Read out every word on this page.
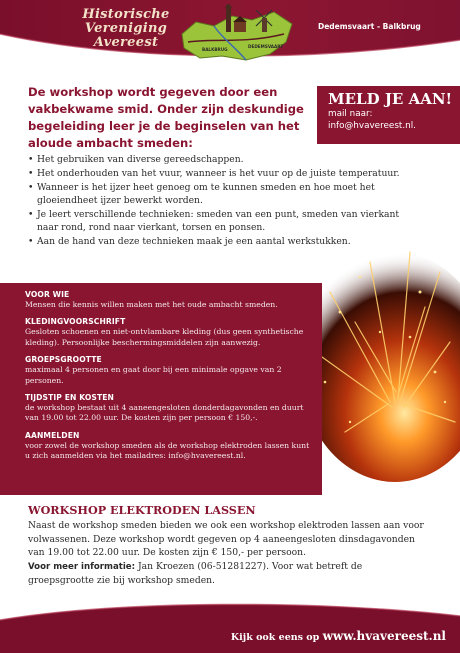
Historische
Vereniging Avereest	BALKBRUG
DEDEMSVAART
Dedemsvaart - Balkbrug
De workshop wordt gegeven door een vakbekwame smid. Onder zijn deskundige begeleiding leer je de beginselen van het aloude ambacht smeden:
MELD JE AAN!
mail naar:
info@hvavereest.nl.
• Het gebruiken van diverse gereedschappen.
• Het onderhouden van het vuur, wanneer is het vuur op de juiste temperatuur.
• Wanneer is het ijzer heet genoeg om te kunnen smeden en hoe moet het gloeiendheet ijzer bewerkt worden.
• Je leert verschillende technieken: smeden van een punt, smeden van vierkant naar rond, rond naar vierkant, torsen en ponsen.
• Aan de hand van deze technieken maak je een aantal werkstukken.
VOOR WIE
Mensen die kennis willen maken met het oude ambacht smeden.
KLEDINGVOORSCHRIFT
Gesloten schoenen en niet-ontvlambare kleding (dus geen synthetische kleding). Persoonlijke beschermingsmiddelen zijn aanwezig.
GROEPSGROOTTE
maximaal 4 personen en gaat door bij een minimale opgave van 2 personen.
TIJDSTIP EN KOSTEN
de workshop bestaat uit 4 aaneengesloten donderdagavonden en duurt van 19.00 tot 22.00 uur. De kosten zijn per persoon € 150,-.
AANMELDEN
voor zowel de workshop smeden als de workshop elektroden lassen kunt u zich aanmelden via het mailadres: info@hvavereest.nl.
WORKSHOP ELEKTRODEN LASSEN
Naast de workshop smeden bieden we ook een workshop elektroden lassen aan voor volwassenen. Deze workshop wordt gegeven op 4 aaneengesloten dinsdagavonden van 19.00 tot 22.00 uur. De kosten zijn € 150,- per persoon.
Voor meer informatie: Jan Kroezen (06-51281227). Voor wat betreft de groepsgrootte zie bij workshop smeden.
Kijk ook eens op www.hvavereest.nl
